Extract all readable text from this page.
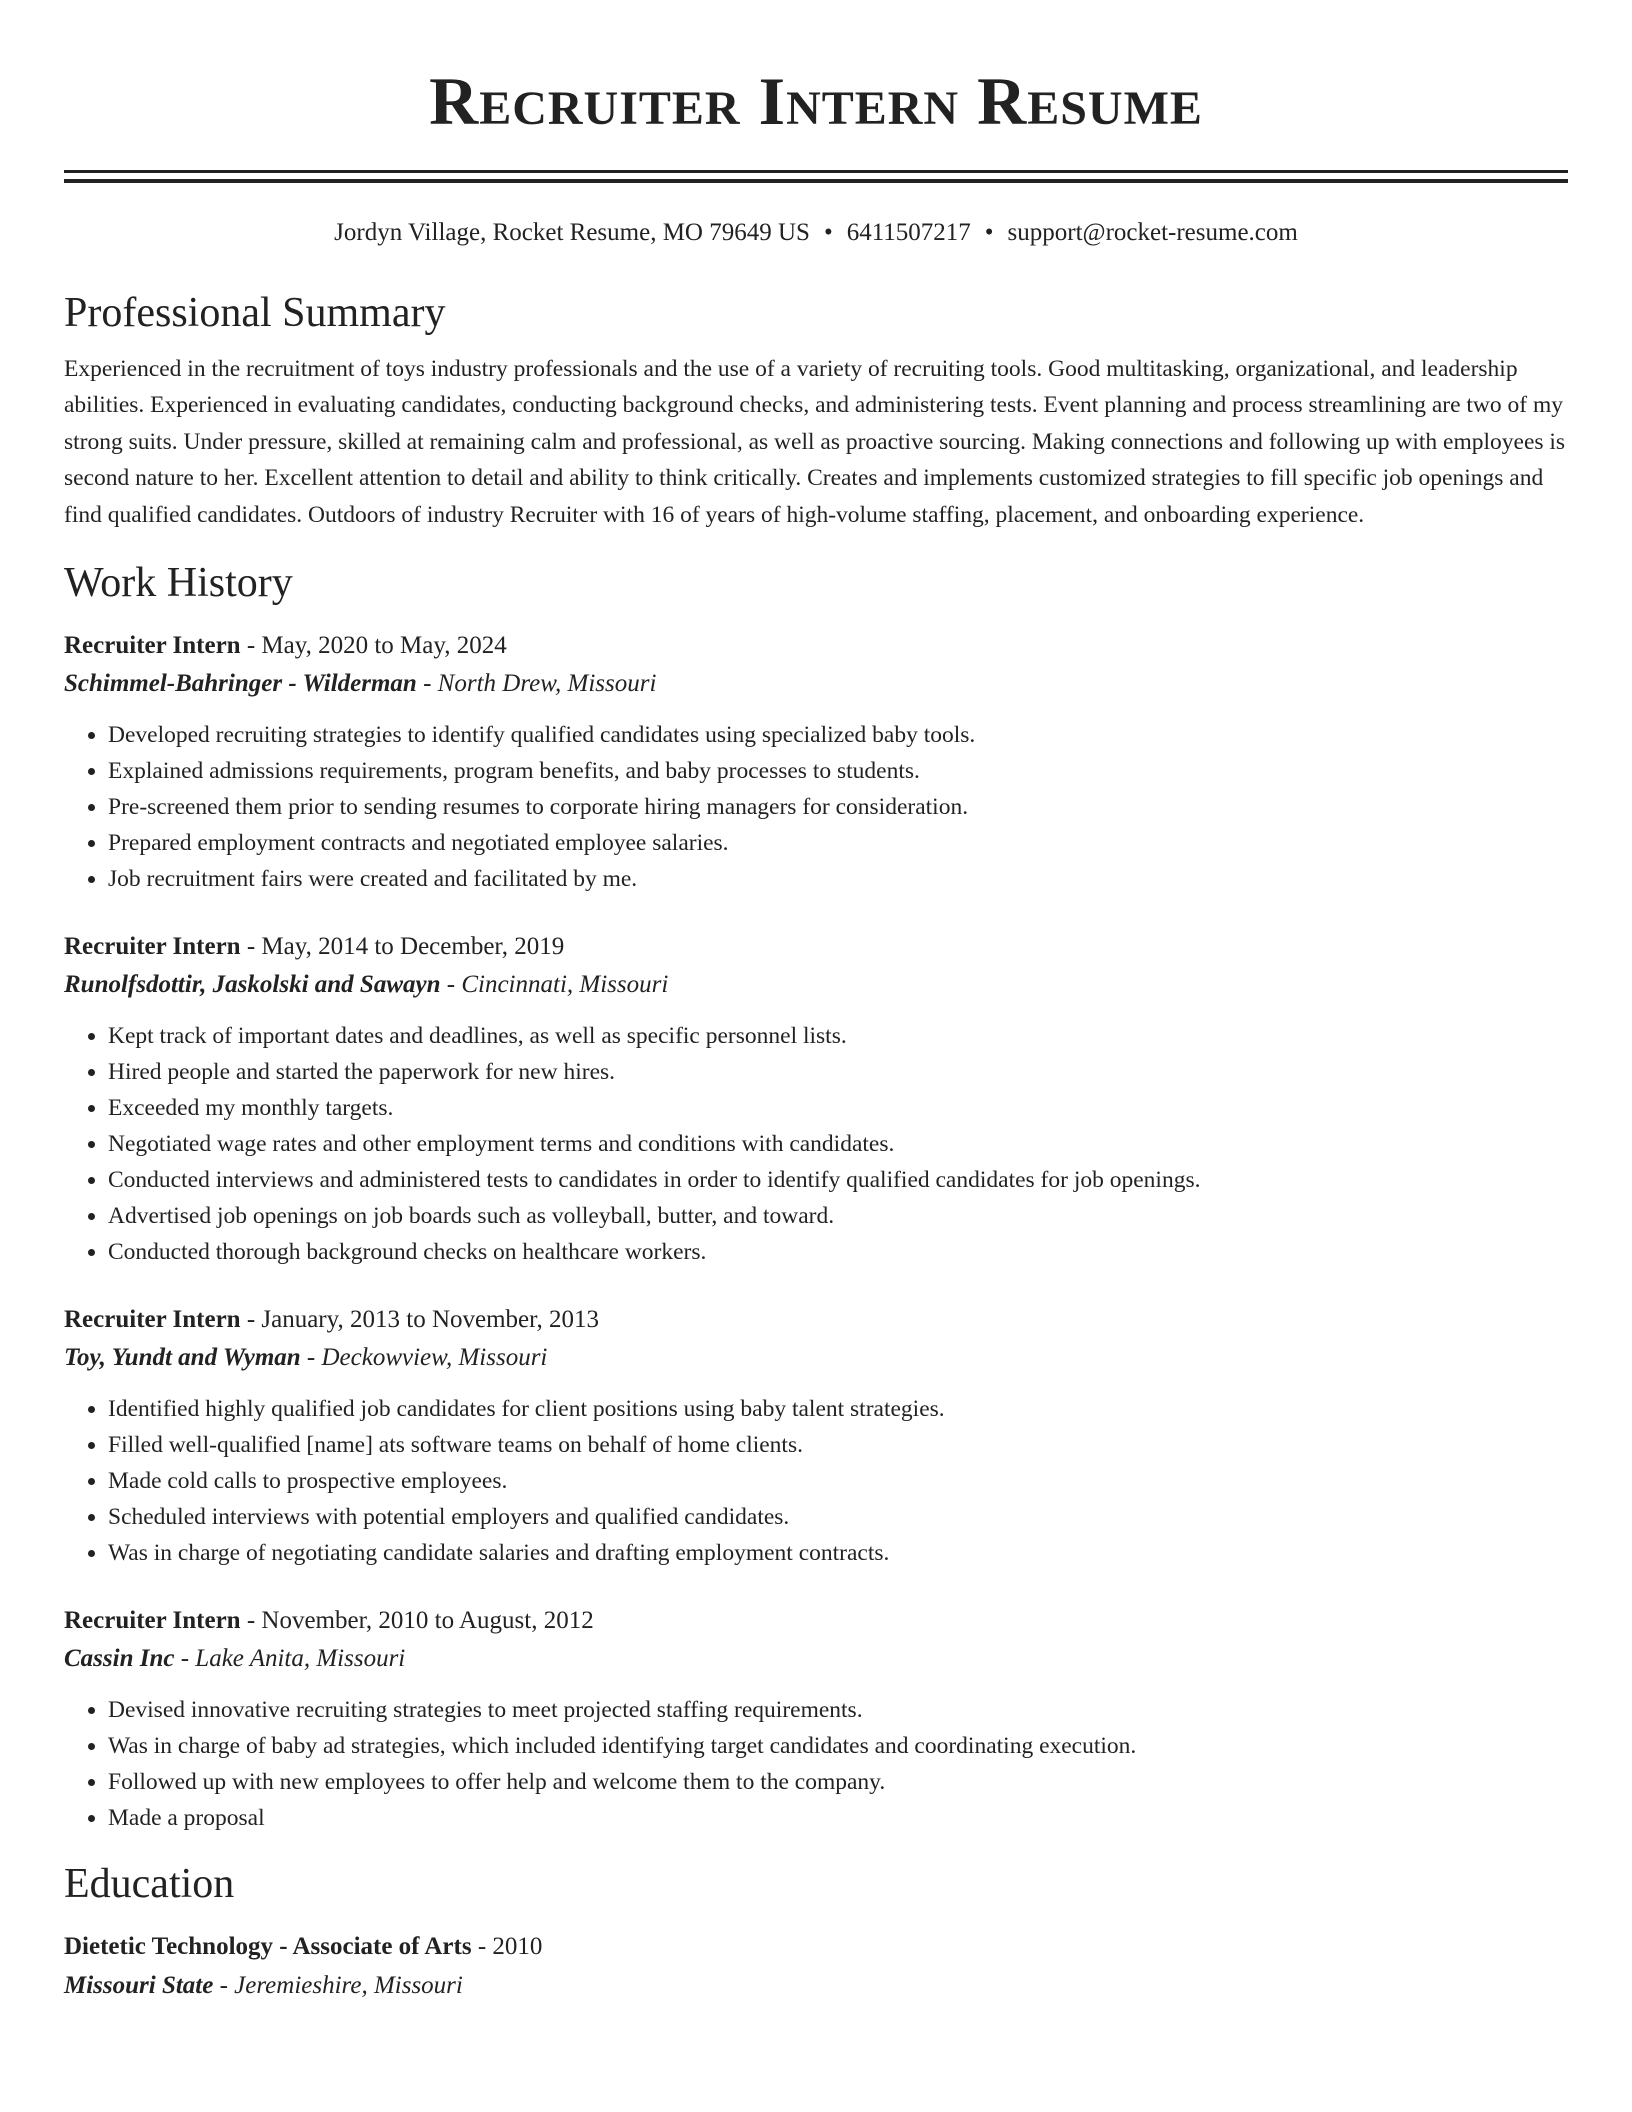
Recruiter Intern Resume
Jordyn Village, Rocket Resume, MO 79649 US • 6411507217 • support@rocket-resume.com
Professional Summary
Experienced in the recruitment of toys industry professionals and the use of a variety of recruiting tools. Good multitasking, organizational, and leadership abilities. Experienced in evaluating candidates, conducting background checks, and administering tests. Event planning and process streamlining are two of my strong suits. Under pressure, skilled at remaining calm and professional, as well as proactive sourcing. Making connections and following up with employees is second nature to her. Excellent attention to detail and ability to think critically. Creates and implements customized strategies to fill specific job openings and find qualified candidates. Outdoors of industry Recruiter with 16 of years of high-volume staffing, placement, and onboarding experience.
Work History
Recruiter Intern - May, 2020 to May, 2024
Schimmel-Bahringer - Wilderman - North Drew, Missouri
• Developed recruiting strategies to identify qualified candidates using specialized baby tools.
• Explained admissions requirements, program benefits, and baby processes to students.
• Pre-screened them prior to sending resumes to corporate hiring managers for consideration.
• Prepared employment contracts and negotiated employee salaries.
• Job recruitment fairs were created and facilitated by me.
Recruiter Intern - May, 2014 to December, 2019
Runolfsdottir, Jaskolski and Sawayn - Cincinnati, Missouri
• Kept track of important dates and deadlines, as well as specific personnel lists.
• Hired people and started the paperwork for new hires.
• Exceeded my monthly targets.
• Negotiated wage rates and other employment terms and conditions with candidates.
• Conducted interviews and administered tests to candidates in order to identify qualified candidates for job openings.
• Advertised job openings on job boards such as volleyball, butter, and toward.
• Conducted thorough background checks on healthcare workers.
Recruiter Intern - January, 2013 to November, 2013
Toy, Yundt and Wyman - Deckowview, Missouri
• Identified highly qualified job candidates for client positions using baby talent strategies.
• Filled well-qualified [name] ats software teams on behalf of home clients.
• Made cold calls to prospective employees.
• Scheduled interviews with potential employers and qualified candidates.
• Was in charge of negotiating candidate salaries and drafting employment contracts.
Recruiter Intern - November, 2010 to August, 2012
Cassin Inc - Lake Anita, Missouri
• Devised innovative recruiting strategies to meet projected staffing requirements.
• Was in charge of baby ad strategies, which included identifying target candidates and coordinating execution.
• Followed up with new employees to offer help and welcome them to the company.
• Made a proposal
Education
Dietetic Technology - Associate of Arts - 2010
Missouri State - Jeremieshire, Missouri
